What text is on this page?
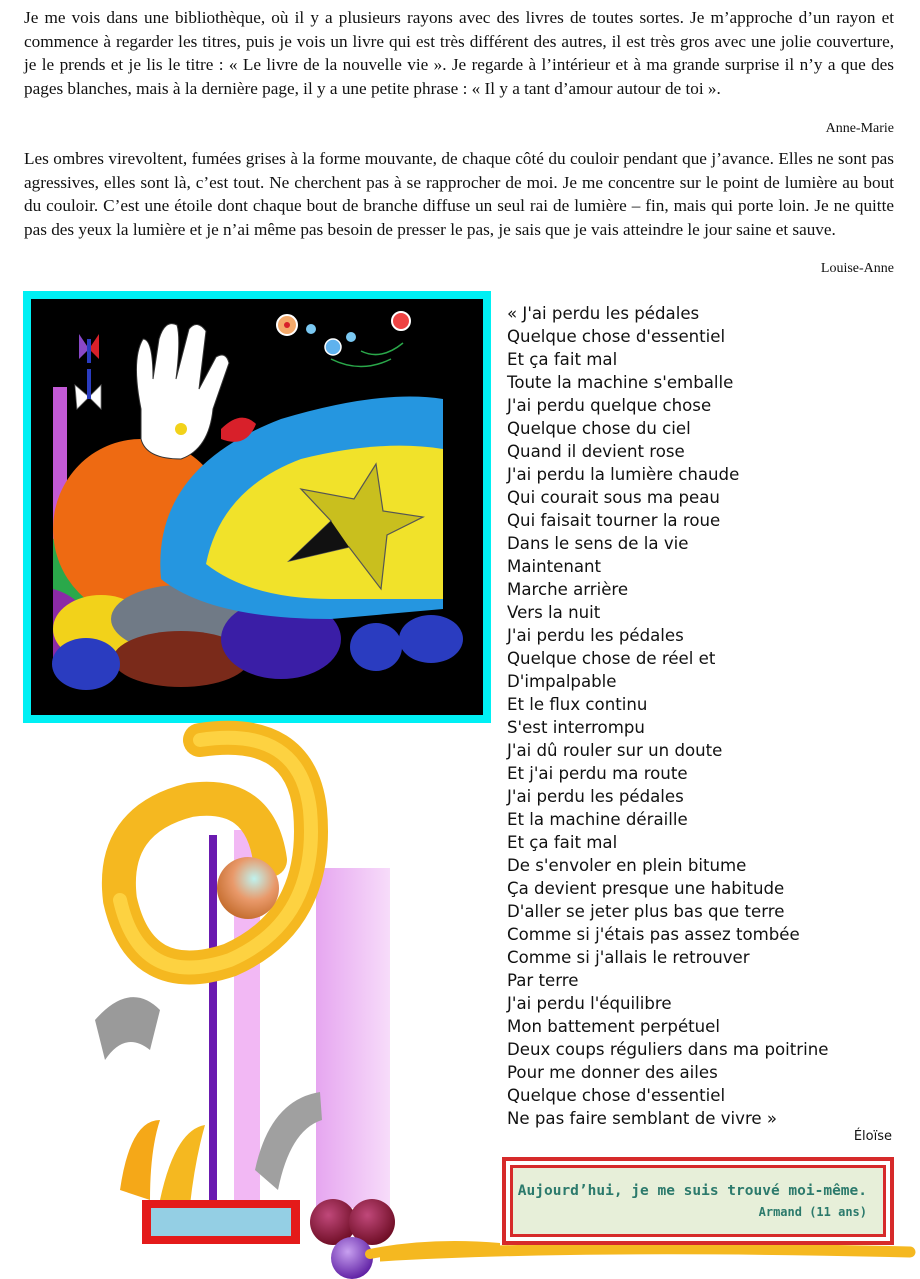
Je me vois dans une bibliothèque, où il y a plusieurs rayons avec des livres de toutes sortes. Je m’approche d’un rayon et commence à regarder les titres, puis je vois un livre qui est très différent des autres, il est très gros avec une jolie couverture, je le prends et je lis le titre : « Le livre de la nouvelle vie ». Je regarde à l’intérieur et à ma grande surprise il n’y a que des pages blanches, mais à la dernière page, il y a une petite phrase : « Il y a tant d’amour autour de toi ».
Anne-Marie
Les ombres virevoltent, fumées grises à la forme mouvante, de chaque côté du couloir pendant que j’avance. Elles ne sont pas agressives, elles sont là, c’est tout. Ne cherchent pas à se rapprocher de moi. Je me concentre sur le point de lumière au bout du couloir. C’est une étoile dont chaque bout de branche diffuse un seul rai de lumière – fin, mais qui porte loin. Je ne quitte pas des yeux la lumière et je n’ai même pas besoin de presser le pas, je sais que je vais atteindre le jour saine et sauve.
Louise-Anne
« J'ai perdu les pédales
Quelque chose d'essentiel
Et ça fait mal
Toute la machine s'emballe
J'ai perdu quelque chose
Quelque chose du ciel
Quand il devient rose
J'ai perdu la lumière chaude
Qui courait sous ma peau
Qui faisait tourner la roue
Dans le sens de la vie
Maintenant
Marche arrière
Vers la nuit
J'ai perdu les pédales
Quelque chose de réel et
D'impalpable
Et le flux continu
S'est interrompu
J'ai dû rouler sur un doute
Et j'ai perdu ma route
J'ai perdu les pédales
Et la machine déraille
Et ça fait mal
De s'envoler en plein bitume
Ça devient presque une habitude
D'aller se jeter plus bas que terre
Comme si j'étais pas assez tombée
Comme si j'allais le retrouver
Par terre
J'ai perdu l'équilibre
Mon battement perpétuel
Deux coups réguliers dans ma poitrine
Pour me donner des ailes
Quelque chose d'essentiel
Ne pas faire semblant de vivre »
Éloïse
Aujourd’hui, je me suis trouvé moi-même.
Armand (11 ans)
